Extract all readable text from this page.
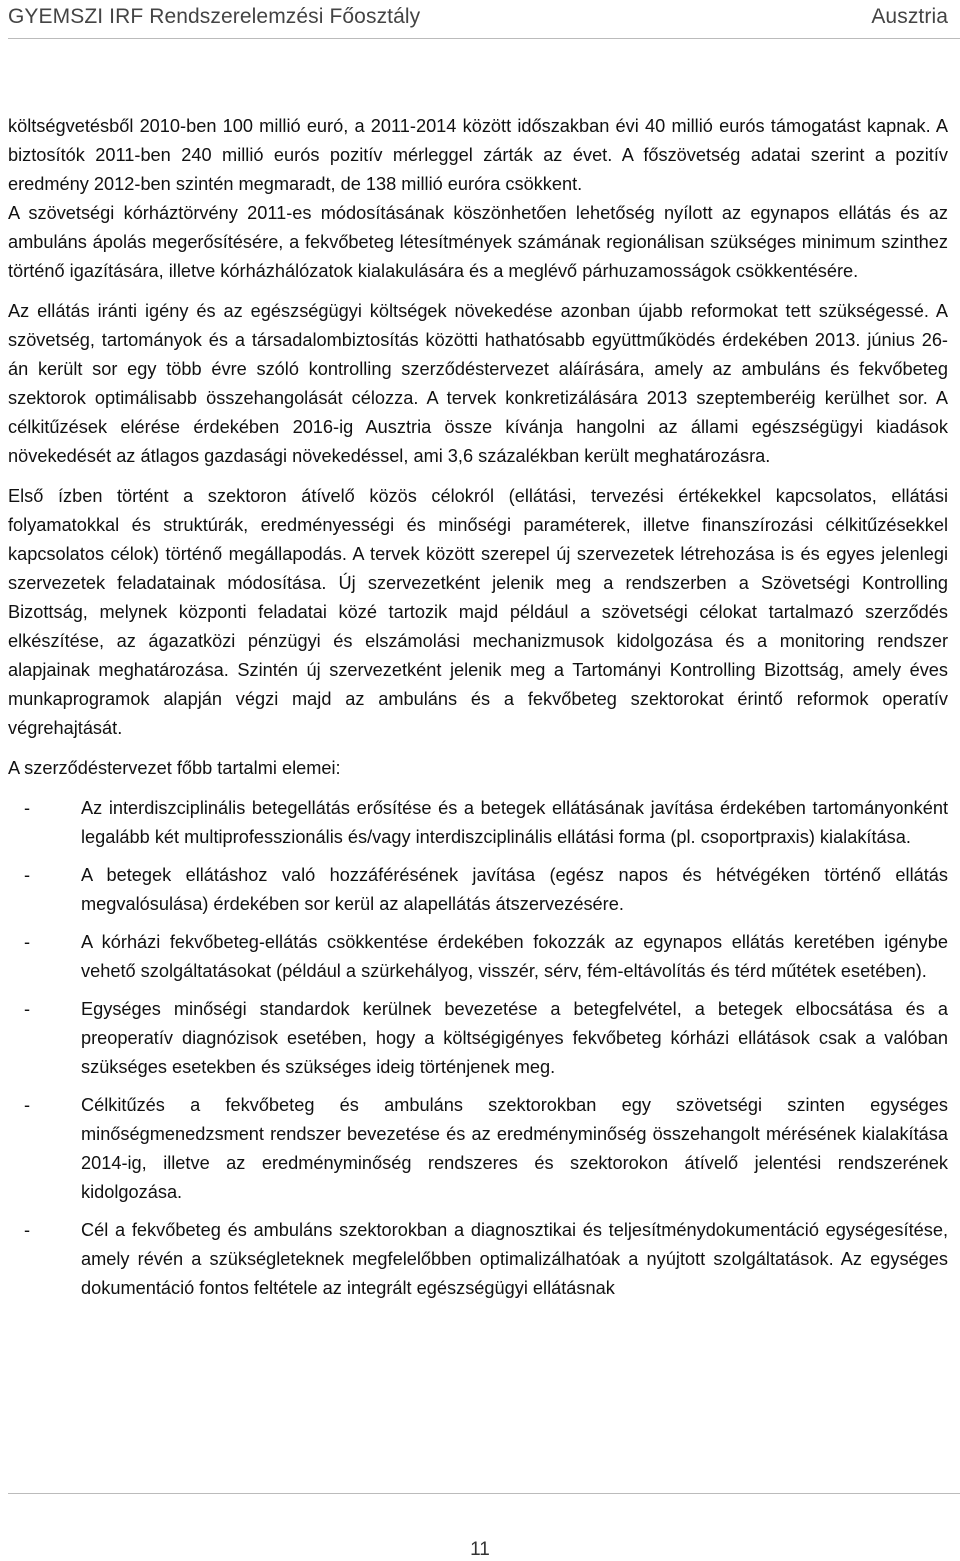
GYEMSZI IRF Rendszerelemzési Főosztály	Ausztria

költségvetésből 2010-ben 100 millió euró, a 2011-2014 között időszakban évi 40 millió eurós támogatást kapnak. A biztosítók 2011-ben 240 millió eurós pozitív mérleggel zárták az évet. A főszövetség adatai szerint a pozitív eredmény 2012-ben szintén megmaradt, de 138 millió euróra csökkent.

A szövetségi kórháztörvény 2011-es módosításának köszönhetően lehetőség nyílott az egynapos ellátás és az ambuláns ápolás megerősítésére, a fekvőbeteg létesítmények számának regionálisan szükséges minimum szinthez történő igazítására, illetve kórházhálózatok kialakulására és a meglévő párhuzamosságok csökkentésére.

Az ellátás iránti igény és az egészségügyi költségek növekedése azonban újabb reformokat tett szükségessé. A szövetség, tartományok és a társadalombiztosítás közötti hathatósabb együttműködés érdekében 2013. június 26-án került sor egy több évre szóló kontrolling szerződéstervezet aláírására, amely az ambuláns és fekvőbeteg szektorok optimálisabb összehangolását célozza. A tervek konkretizálására 2013 szeptemberéig kerülhet sor. A célkitűzések elérése érdekében 2016-ig Ausztria össze kívánja hangolni az állami egészségügyi kiadások növekedését az átlagos gazdasági növekedéssel, ami 3,6 százalékban került meghatározásra.

Első ízben történt a szektoron átívelő közös célokról (ellátási, tervezési értékekkel kapcsolatos, ellátási folyamatokkal és struktúrák, eredményességi és minőségi paraméterek, illetve finanszírozási célkitűzésekkel kapcsolatos célok) történő megállapodás. A tervek között szerepel új szervezetek létrehozása is és egyes jelenlegi szervezetek feladatainak módosítása. Új szervezetként jelenik meg a rendszerben a Szövetségi Kontrolling Bizottság, melynek központi feladatai közé tartozik majd például a szövetségi célokat tartalmazó szerződés elkészítése, az ágazatközi pénzügyi és elszámolási mechanizmusok kidolgozása és a monitoring rendszer alapjainak meghatározása. Szintén új szervezetként jelenik meg a Tartományi Kontrolling Bizottság, amely éves munkaprogramok alapján végzi majd az ambuláns és a fekvőbeteg szektorokat érintő reformok operatív végrehajtását.

A szerződéstervezet főbb tartalmi elemei:

-	Az interdiszciplinális betegellátás erősítése és a betegek ellátásának javítása érdekében tartományonként legalább két multiprofesszionális és/vagy interdiszciplinális ellátási forma (pl. csoportpraxis) kialakítása.
-	A betegek ellátáshoz való hozzáférésének javítása (egész napos és hétvégéken történő ellátás megvalósulása) érdekében sor kerül az alapellátás átszervezésére.
-	A kórházi fekvőbeteg-ellátás csökkentése érdekében fokozzák az egynapos ellátás keretében igénybe vehető szolgáltatásokat (például a szürkehályog, visszér, sérv, fém-eltávolítás és térd műtétek esetében).
-	Egységes minőségi standardok kerülnek bevezetése a betegfelvétel, a betegek elbocsátása és a preoperatív diagnózisok esetében, hogy a költségigényes fekvőbeteg kórházi ellátások csak a valóban szükséges esetekben és szükséges ideig történjenek meg.
-	Célkitűzés a fekvőbeteg és ambuláns szektorokban egy szövetségi szinten egységes minőségmenedzsment rendszer bevezetése és az eredményminőség összehangolt mérésének kialakítása 2014-ig, illetve az eredményminőség rendszeres és szektorokon átívelő jelentési rendszerének kidolgozása.
-	Cél a fekvőbeteg és ambuláns szektorokban a diagnosztikai és teljesítménydokumentáció egységesítése, amely révén a szükségleteknek megfelelőbben optimalizálhatóak a nyújtott szolgáltatások. Az egységes dokumentáció fontos feltétele az integrált egészségügyi ellátásnak
11
